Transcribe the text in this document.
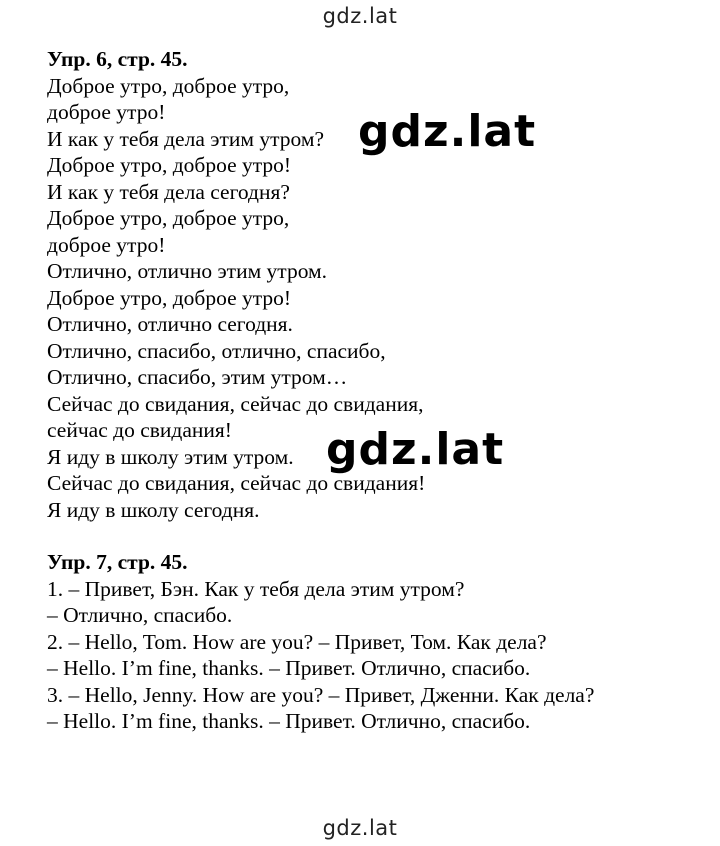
gdz.lat

Упр. 6, стр. 45.

Доброе утро, доброе утро,

доброе утро!

И как у тебя дела этим утром?

Доброе утро, доброе утро!

И как у тебя дела сегодня?

Доброе утро, доброе утро,

доброе утро!

Отлично, отлично этим утром.

Доброе утро, доброе утро!

Отлично, отлично сегодня.

Отлично, спасибо, отлично, спасибо,

Отлично, спасибо, этим утром…

Сейчас до свидания, сейчас до свидания,

сейчас до свидания!

Я иду в школу этим утром.

Сейчас до свидания, сейчас до свидания!

Я иду в школу сегодня.

Упр. 7, стр. 45.

1. – Привет, Бэн. Как у тебя дела этим утром?

– Отлично, спасибо.

2. – Hello, Tom. How are you? – Привет, Том. Как дела?

– Hello. I’m fine, thanks. – Привет. Отлично, спасибо.

3. – Hello, Jenny. How are you? – Привет, Дженни. Как дела?

– Hello. I’m fine, thanks. – Привет. Отлично, спасибо.

gdz.lat
gdz.lat
gdz.lat
